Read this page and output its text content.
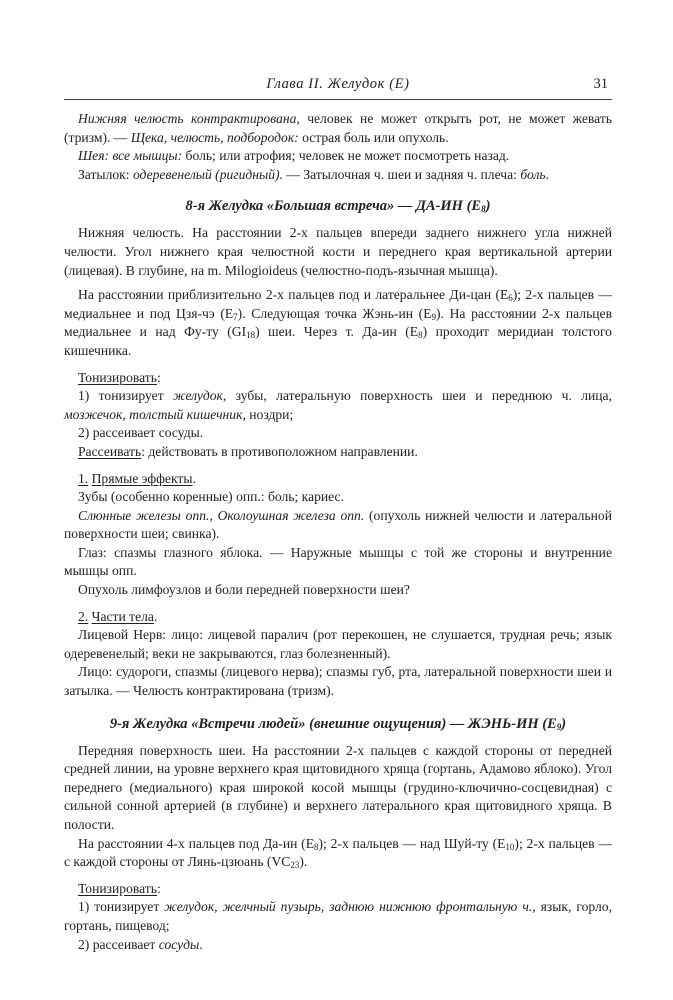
Глава II. Желудок (E)	31

Нижняя челюсть контрактирована, человек не может открыть рот, не может жевать (тризм). — Щека, челюсть, подбородок: острая боль или опухоль.

Шея: все мышцы: боль; или атрофия; человек не может посмотреть назад.

Затылок: одеревенелый (ригидный). — Затылочная ч. шеи и задняя ч. плеча: боль.

8-я Желудка «Большая встреча» — ДА-ИН $(E_8)$

Нижняя челюсть. На расстоянии 2-х пальцев впереди заднего нижнего угла нижней челюсти. Угол нижнего края челюстной кости и переднего края вертикальной артерии (лицевая). В глубине, на m. Milogioideus (челюстно-подъ-язычная мышца).

На расстоянии приблизительно 2-х пальцев под и латеральнее Ди-цан $(E_6)$; 2-х пальцев — медиальнее и под Цзя-чэ $(E_7)$. Следующая точка Жэнь-ин $(E_9)$. На расстоянии 2-х пальцев медиальнее и над Фу-ту $(GI_{18})$ шеи. Через т. Да-ин $(E_8)$ проходит меридиан толстого кишечника.

Тонизировать:

1) тонизирует желудок, зубы, латеральную поверхность шеи и переднюю ч. лица, мозжечок, толстый кишечник, ноздри;

2) рассеивает сосуды.

Рассеивать: действовать в противоположном направлении.

1. Прямые эффекты.

Зубы (особенно коренные) опп.: боль; кариес.

Слюнные железы опп., Околоушная железа опп. (опухоль нижней челюсти и латеральной поверхности шеи; свинка).

Глаз: спазмы глазного яблока. — Наружные мышцы с той же стороны и внутренние мышцы опп.

Опухоль лимфоузлов и боли передней поверхности шеи?

2. Части тела.

Лицевой Нерв: лицо: лицевой паралич (рот перекошен, не слушается, трудная речь; язык одеревенелый; веки не закрываются, глаз болезненный).

Лицо: судороги, спазмы (лицевого нерва); спазмы губ, рта, латеральной поверхности шеи и затылка. — Челюсть контрактирована (тризм).

9-я Желудка «Встречи людей» (внешние ощущения) — ЖЭНЬ-ИН $(E_9)$

Передняя поверхность шеи. На расстоянии 2-х пальцев с каждой стороны от передней средней линии, на уровне верхнего края щитовидного хряща (гортань, Адамово яблоко). Угол переднего (медиального) края широкой косой мышцы (грудино-ключично-сосцевидная) с сильной сонной артерией (в глубине) и верхнего латерального края щитовидного хряща. В полости.

На расстоянии 4-х пальцев под Да-ин $(E_8)$; 2-х пальцев — над Шуй-ту $(E_{10})$; 2-х пальцев — с каждой стороны от Лянь-цзюань $(VC_{23})$.

Тонизировать:

1) тонизирует желудок, желчный пузырь, заднюю нижнюю фронтальную ч., язык, горло, гортань, пищевод;

2) рассеивает сосуды.
